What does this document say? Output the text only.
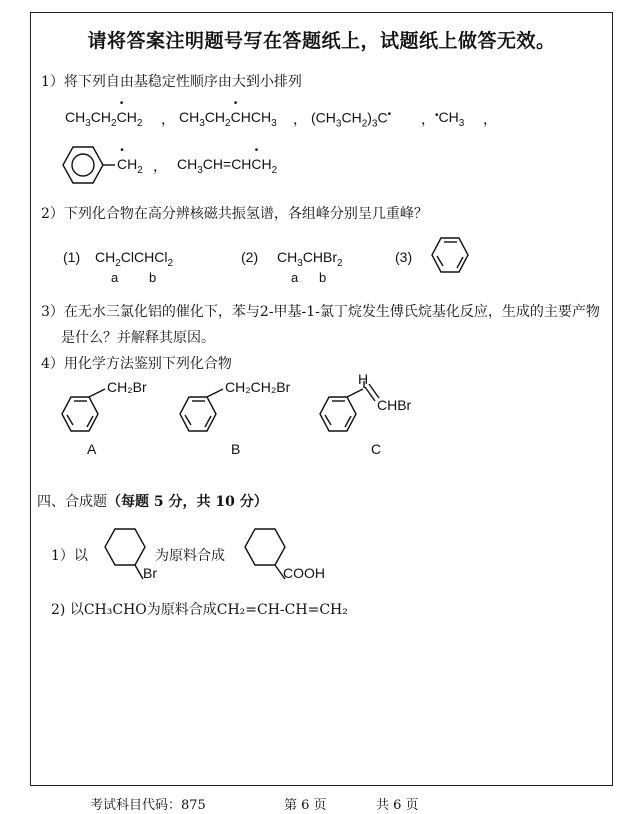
请将答案注明题号写在答题纸上，试题纸上做答无效。
1）将下列自由基稳定性顺序由大到小排列
$CH_3CH_2•$ $CH_2$ ， $CH_3CH_2•$ $CHCH_3$ ， $(CH_3CH_2)_3C^•$ ， $^•CH_3$ ，
• $CH_2$ ， $CH_3CH=CH•$ $CH_2$
2）下列化合物在高分辨核磁共振氢谱，各组峰分别呈几重峰？
(1) $CH_2ClCHCl_2$
a b
(2) $CH_3CHBr_2$
a b
(3)
3）在无水三氯化铝的催化下，苯与2-甲基-1-氯丁烷发生傅氏烷基化反应，生成的主要产物
是什么？并解释其原因。
4）用化学方法鉴别下列化合物
CH₂Br
A
CH₂CH₂Br
B
H
CHBr
C
四、合成题（每题 5 分，共 10 分）
1）以
Br
为原料合成
COOH
2) 以CH₃CHO为原料合成CH₂=CH-CH=CH₂
考试科目代码：875	第 6 页	共 6 页
